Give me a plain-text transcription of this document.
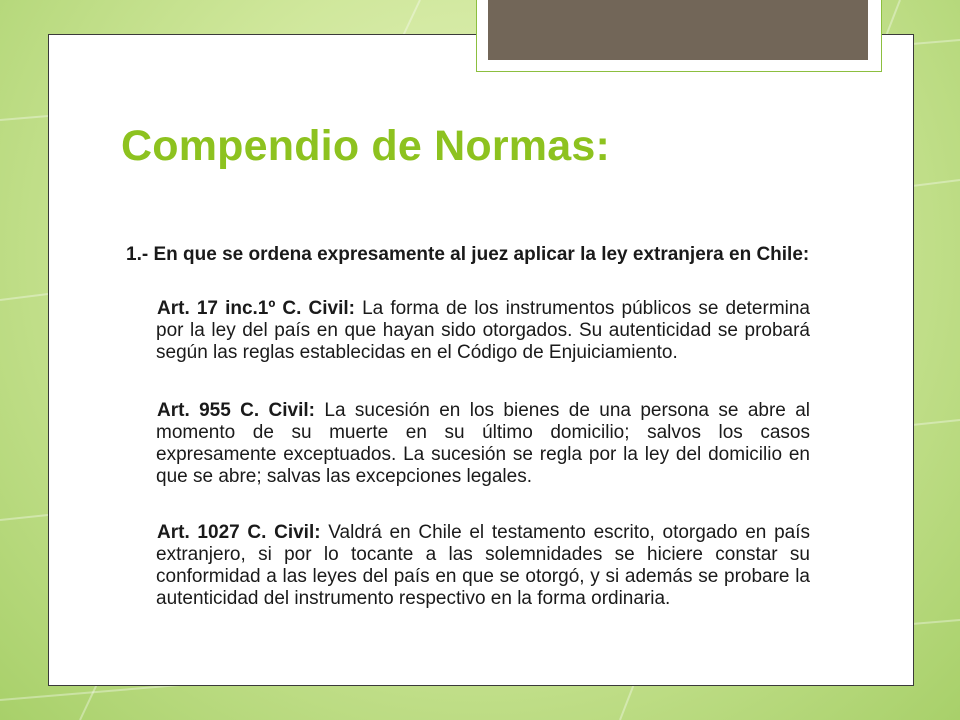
Compendio de Normas:

1.- En que se ordena expresamente al juez aplicar la ley extranjera en Chile:

Art. 17 inc.1º C. Civil: La forma de los instrumentos públicos se determina por la ley del país en que hayan sido otorgados. Su autenticidad se probará según las reglas establecidas en el Código de Enjuiciamiento.

Art. 955 C. Civil: La sucesión en los bienes de una persona se abre al momento de su muerte en su último domicilio; salvos los casos expresamente exceptuados. La sucesión se regla por la ley del domicilio en que se abre; salvas las excepciones legales.

Art. 1027 C. Civil: Valdrá en Chile el testamento escrito, otorgado en país extranjero, si por lo tocante a las solemnidades se hiciere constar su conformidad a las leyes del país en que se otorgó, y si además se probare la autenticidad del instrumento respectivo en la forma ordinaria.
